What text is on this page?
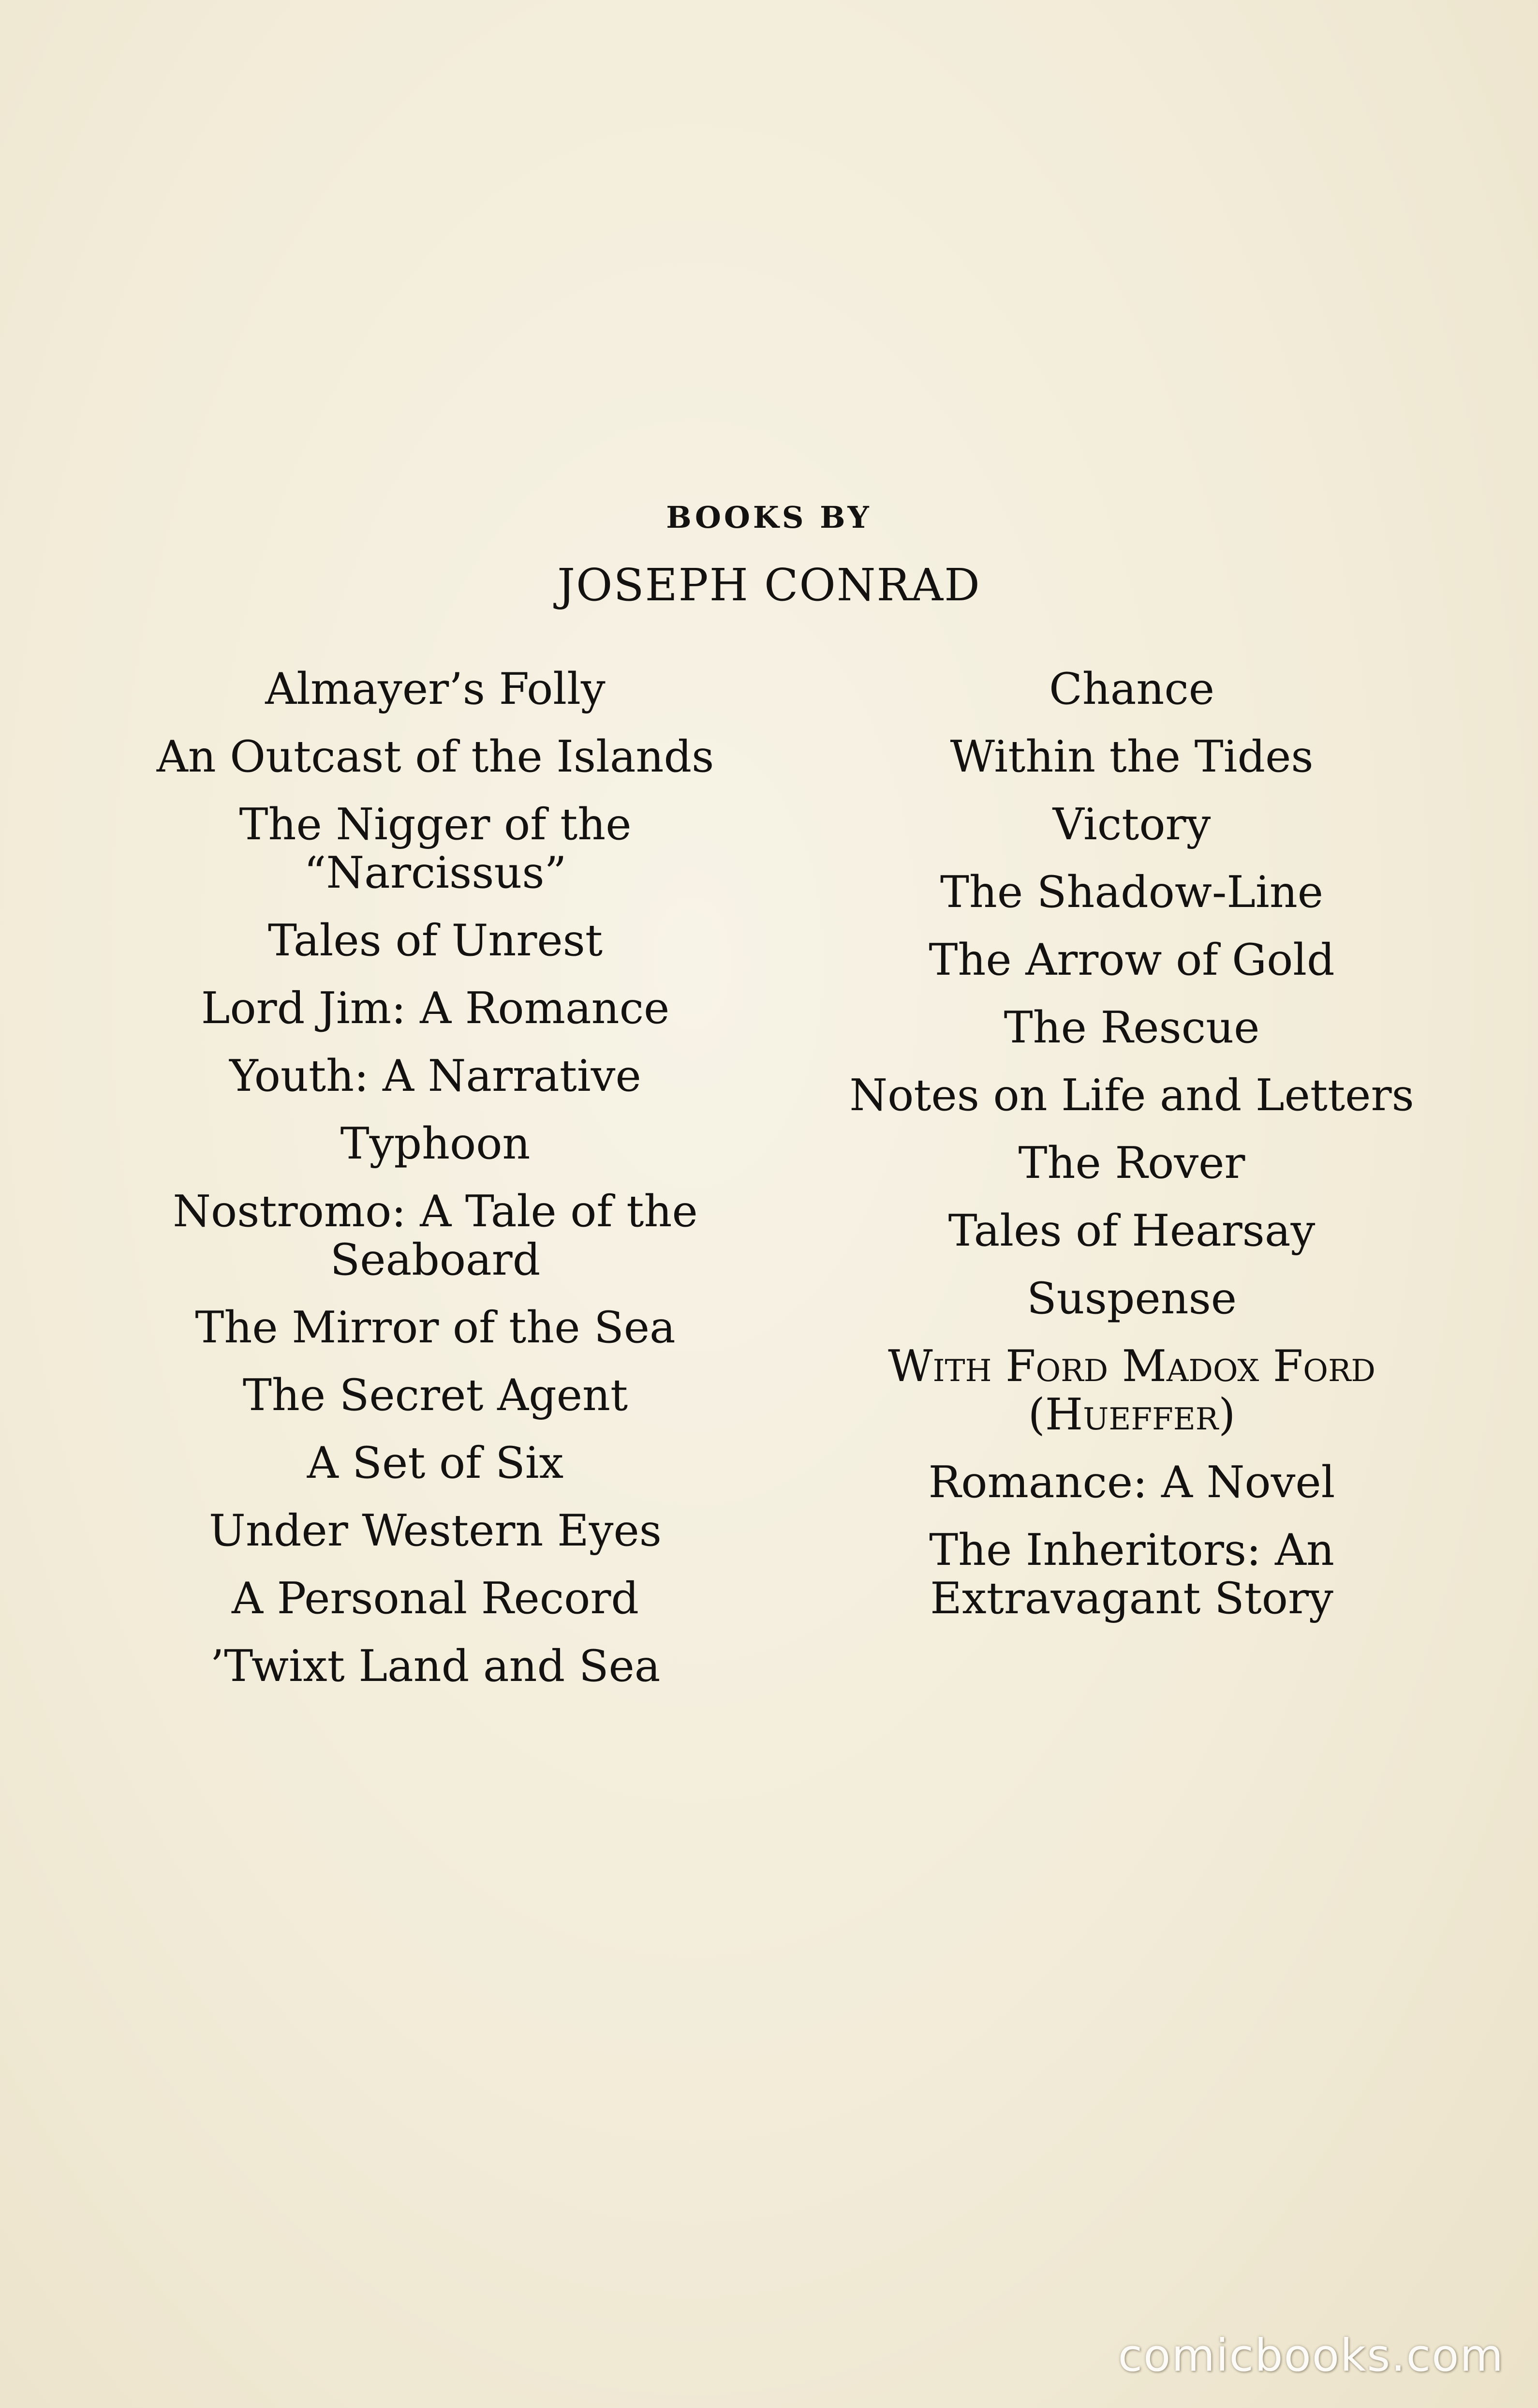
BOOKS BY
JOSEPH CONRAD
Almayer’s Folly
An Outcast of the Islands
The Nigger of the “Narcissus”
Tales of Unrest
Lord Jim: A Romance
Youth: A Narrative
Typhoon
Nostromo: A Tale of the Seaboard
The Mirror of the Sea
The Secret Agent
A Set of Six
Under Western Eyes
A Personal Record
’Twixt Land and Sea
Chance
Within the Tides
Victory
The Shadow-Line
The Arrow of Gold
The Rescue
Notes on Life and Letters
The Rover
Tales of Hearsay
Suspense
With Ford Madox Ford (Hueffer)
Romance: A Novel
The Inheritors: An Extravagant Story
comicbooks.com
